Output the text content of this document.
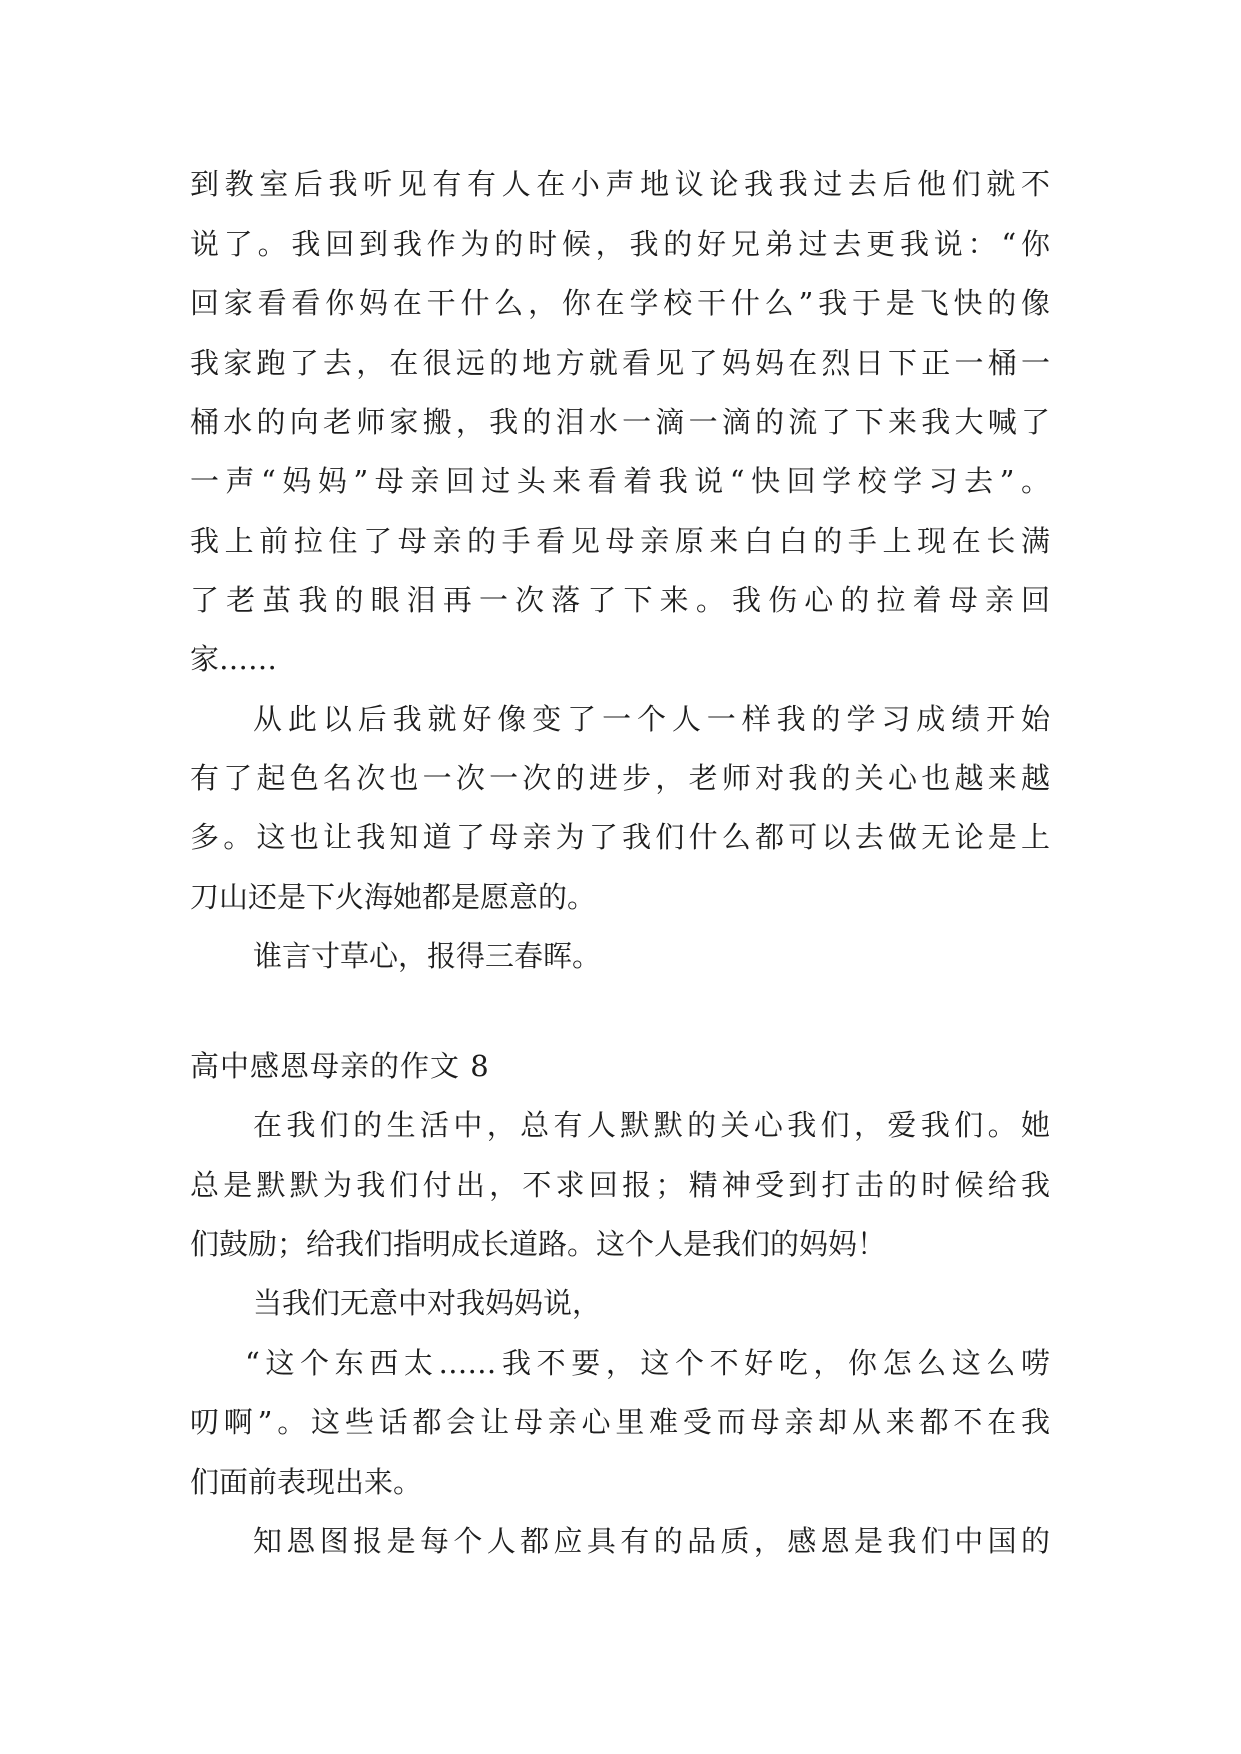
到教室后我听见有有人在小声地议论我我过去后他们就不

说了。我回到我作为的时候，我的好兄弟过去更我说：“你

回家看看你妈在干什么，你在学校干什么”我于是飞快的像

我家跑了去，在很远的地方就看见了妈妈在烈日下正一桶一

桶水的向老师家搬，我的泪水一滴一滴的流了下来我大喊了

一声“妈妈”母亲回过头来看着我说“快回学校学习去”。

我上前拉住了母亲的手看见母亲原来白白的手上现在长满

了老茧我的眼泪再一次落了下来。我伤心的拉着母亲回

家……

从此以后我就好像变了一个人一样我的学习成绩开始

有了起色名次也一次一次的进步，老师对我的关心也越来越

多。这也让我知道了母亲为了我们什么都可以去做无论是上

刀山还是下火海她都是愿意的。

谁言寸草心，报得三春晖。

高中感恩母亲的作文 8

在我们的生活中，总有人默默的关心我们，爱我们。她

总是默默为我们付出，不求回报；精神受到打击的时候给我

们鼓励；给我们指明成长道路。这个人是我们的妈妈！

当我们无意中对我妈妈说，

“这个东西太……我不要，这个不好吃，你怎么这么唠

叨啊”。这些话都会让母亲心里难受而母亲却从来都不在我

们面前表现出来。

知恩图报是每个人都应具有的品质，感恩是我们中国的
